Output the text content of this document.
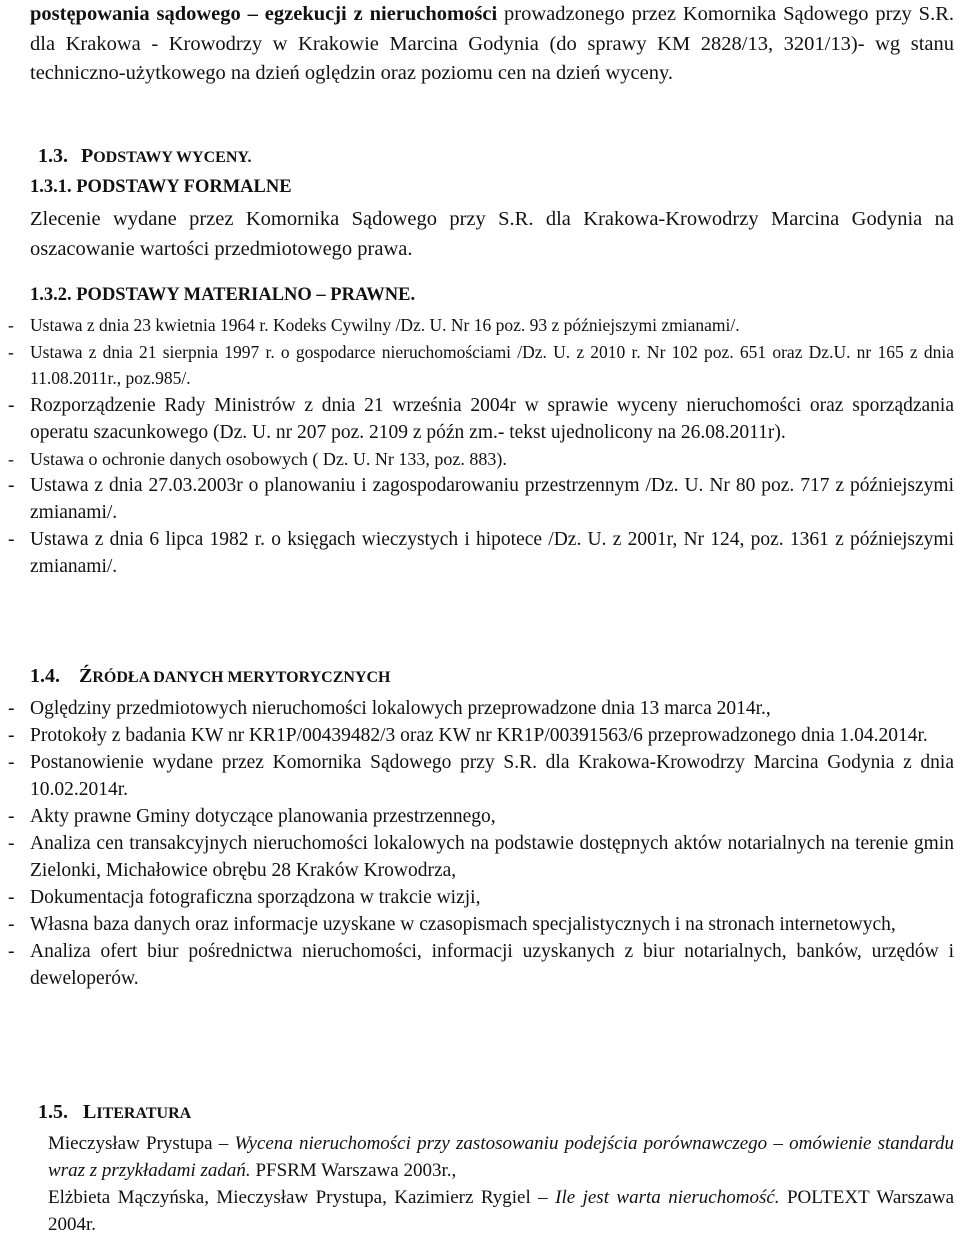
postępowania sądowego – egzekucji z nieruchomości prowadzonego przez Komornika Sądowego przy S.R. dla Krakowa - Krowodrzy w Krakowie Marcina Godynia (do sprawy KM 2828/13, 3201/13)- wg stanu techniczno-użytkowego na dzień oględzin oraz poziomu cen na dzień wyceny.

1.3. PODSTAWY WYCENY.
1.3.1. PODSTAWY FORMALNE
Zlecenie wydane przez Komornika Sądowego przy S.R. dla Krakowa-Krowodrzy Marcina Godynia na oszacowanie wartości przedmiotowego prawa.
1.3.2. PODSTAWY MATERIALNO – PRAWNE.
- Ustawa z dnia 23 kwietnia 1964 r. Kodeks Cywilny /Dz. U. Nr 16 poz. 93 z późniejszymi zmianami/.
- Ustawa z dnia 21 sierpnia 1997 r. o gospodarce nieruchomościami /Dz. U. z 2010 r. Nr 102 poz. 651 oraz Dz.U. nr 165 z dnia 11.08.2011r., poz.985/.
- Rozporządzenie Rady Ministrów z dnia 21 września 2004r w sprawie wyceny nieruchomości oraz sporządzania operatu szacunkowego (Dz. U. nr 207 poz. 2109 z późn zm.- tekst ujednolicony na 26.08.2011r).
- Ustawa o ochronie danych osobowych ( Dz. U. Nr 133, poz. 883).
- Ustawa z dnia 27.03.2003r o planowaniu i zagospodarowaniu przestrzennym /Dz. U. Nr 80 poz. 717 z późniejszymi zmianami/.
- Ustawa z dnia 6 lipca 1982 r. o księgach wieczystych i hipotece /Dz. U. z 2001r, Nr 124, poz. 1361 z późniejszymi zmianami/.
1.4. ŹRÓDŁA DANYCH MERYTORYCZNYCH
- Oględziny przedmiotowych nieruchomości lokalowych przeprowadzone dnia 13 marca 2014r.,
- Protokoły z badania KW nr KR1P/00439482/3 oraz KW nr KR1P/00391563/6 przeprowadzonego dnia 1.04.2014r.
- Postanowienie wydane przez Komornika Sądowego przy S.R. dla Krakowa-Krowodrzy Marcina Godynia z dnia 10.02.2014r.
- Akty prawne Gminy dotyczące planowania przestrzennego,
- Analiza cen transakcyjnych nieruchomości lokalowych na podstawie dostępnych aktów notarialnych na terenie gmin Zielonki, Michałowice obrębu 28 Kraków Krowodrza,
- Dokumentacja fotograficzna sporządzona w trakcie wizji,
- Własna baza danych oraz informacje uzyskane w czasopismach specjalistycznych i na stronach internetowych,
- Analiza ofert biur pośrednictwa nieruchomości, informacji uzyskanych z biur notarialnych, banków, urzędów i deweloperów.
1.5. LITERATURA
Mieczysław Prystupa – Wycena nieruchomości przy zastosowaniu podejścia porównawczego – omówienie standardu wraz z przykładami zadań. PFSRM Warszawa 2003r.,
Elżbieta Mączyńska, Mieczysław Prystupa, Kazimierz Rygiel – Ile jest warta nieruchomość. POLTEXT Warszawa 2004r.
